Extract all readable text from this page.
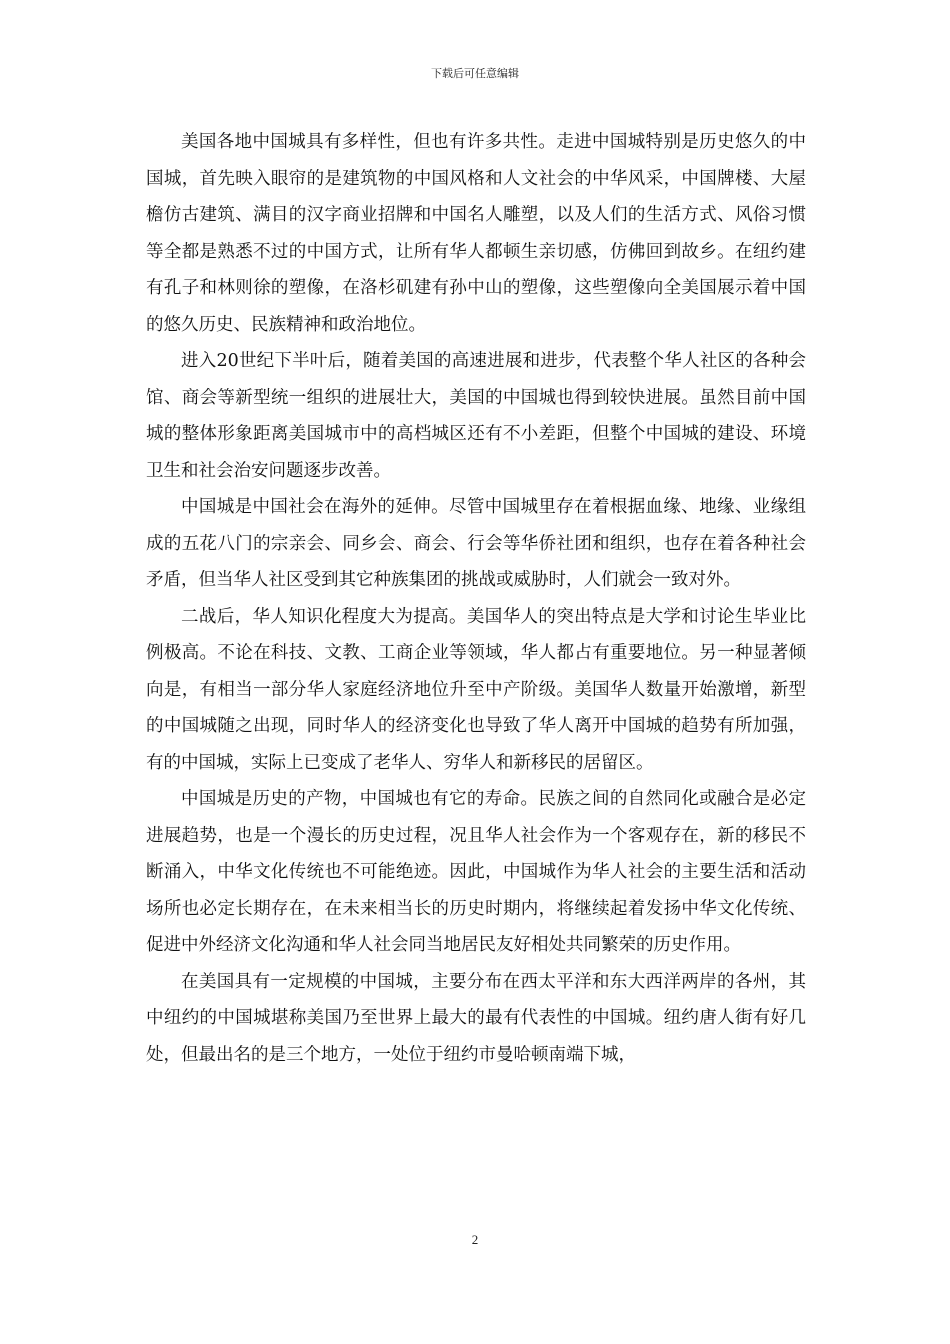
下载后可任意编辑

美国各地中国城具有多样性，但也有许多共性。走进中国城特别是历史悠久的中国城，首先映入眼帘的是建筑物的中国风格和人文社会的中华风采，中国牌楼、大屋檐仿古建筑、满目的汉字商业招牌和中国名人雕塑，以及人们的生活方式、风俗习惯等全都是熟悉不过的中国方式，让所有华人都顿生亲切感，仿佛回到故乡。在纽约建有孔子和林则徐的塑像，在洛杉矶建有孙中山的塑像，这些塑像向全美国展示着中国的悠久历史、民族精神和政治地位。

进入20世纪下半叶后，随着美国的高速进展和进步，代表整个华人社区的各种会馆、商会等新型统一组织的进展壮大，美国的中国城也得到较快进展。虽然目前中国城的整体形象距离美国城市中的高档城区还有不小差距，但整个中国城的建设、环境卫生和社会治安问题逐步改善。

中国城是中国社会在海外的延伸。尽管中国城里存在着根据血缘、地缘、业缘组成的五花八门的宗亲会、同乡会、商会、行会等华侨社团和组织，也存在着各种社会矛盾，但当华人社区受到其它种族集团的挑战或威胁时，人们就会一致对外。

二战后，华人知识化程度大为提高。美国华人的突出特点是大学和讨论生毕业比例极高。不论在科技、文教、工商企业等领域，华人都占有重要地位。另一种显著倾向是，有相当一部分华人家庭经济地位升至中产阶级。美国华人数量开始激增，新型的中国城随之出现，同时华人的经济变化也导致了华人离开中国城的趋势有所加强，有的中国城，实际上已变成了老华人、穷华人和新移民的居留区。

中国城是历史的产物，中国城也有它的寿命。民族之间的自然同化或融合是必定进展趋势，也是一个漫长的历史过程，况且华人社会作为一个客观存在，新的移民不断涌入，中华文化传统也不可能绝迹。因此，中国城作为华人社会的主要生活和活动场所也必定长期存在，在未来相当长的历史时期内，将继续起着发扬中华文化传统、促进中外经济文化沟通和华人社会同当地居民友好相处共同繁荣的历史作用。

在美国具有一定规模的中国城，主要分布在西太平洋和东大西洋两岸的各州，其中纽约的中国城堪称美国乃至世界上最大的最有代表性的中国城。纽约唐人街有好几处，但最出名的是三个地方，一处位于纽约市曼哈顿南端下城，

2
